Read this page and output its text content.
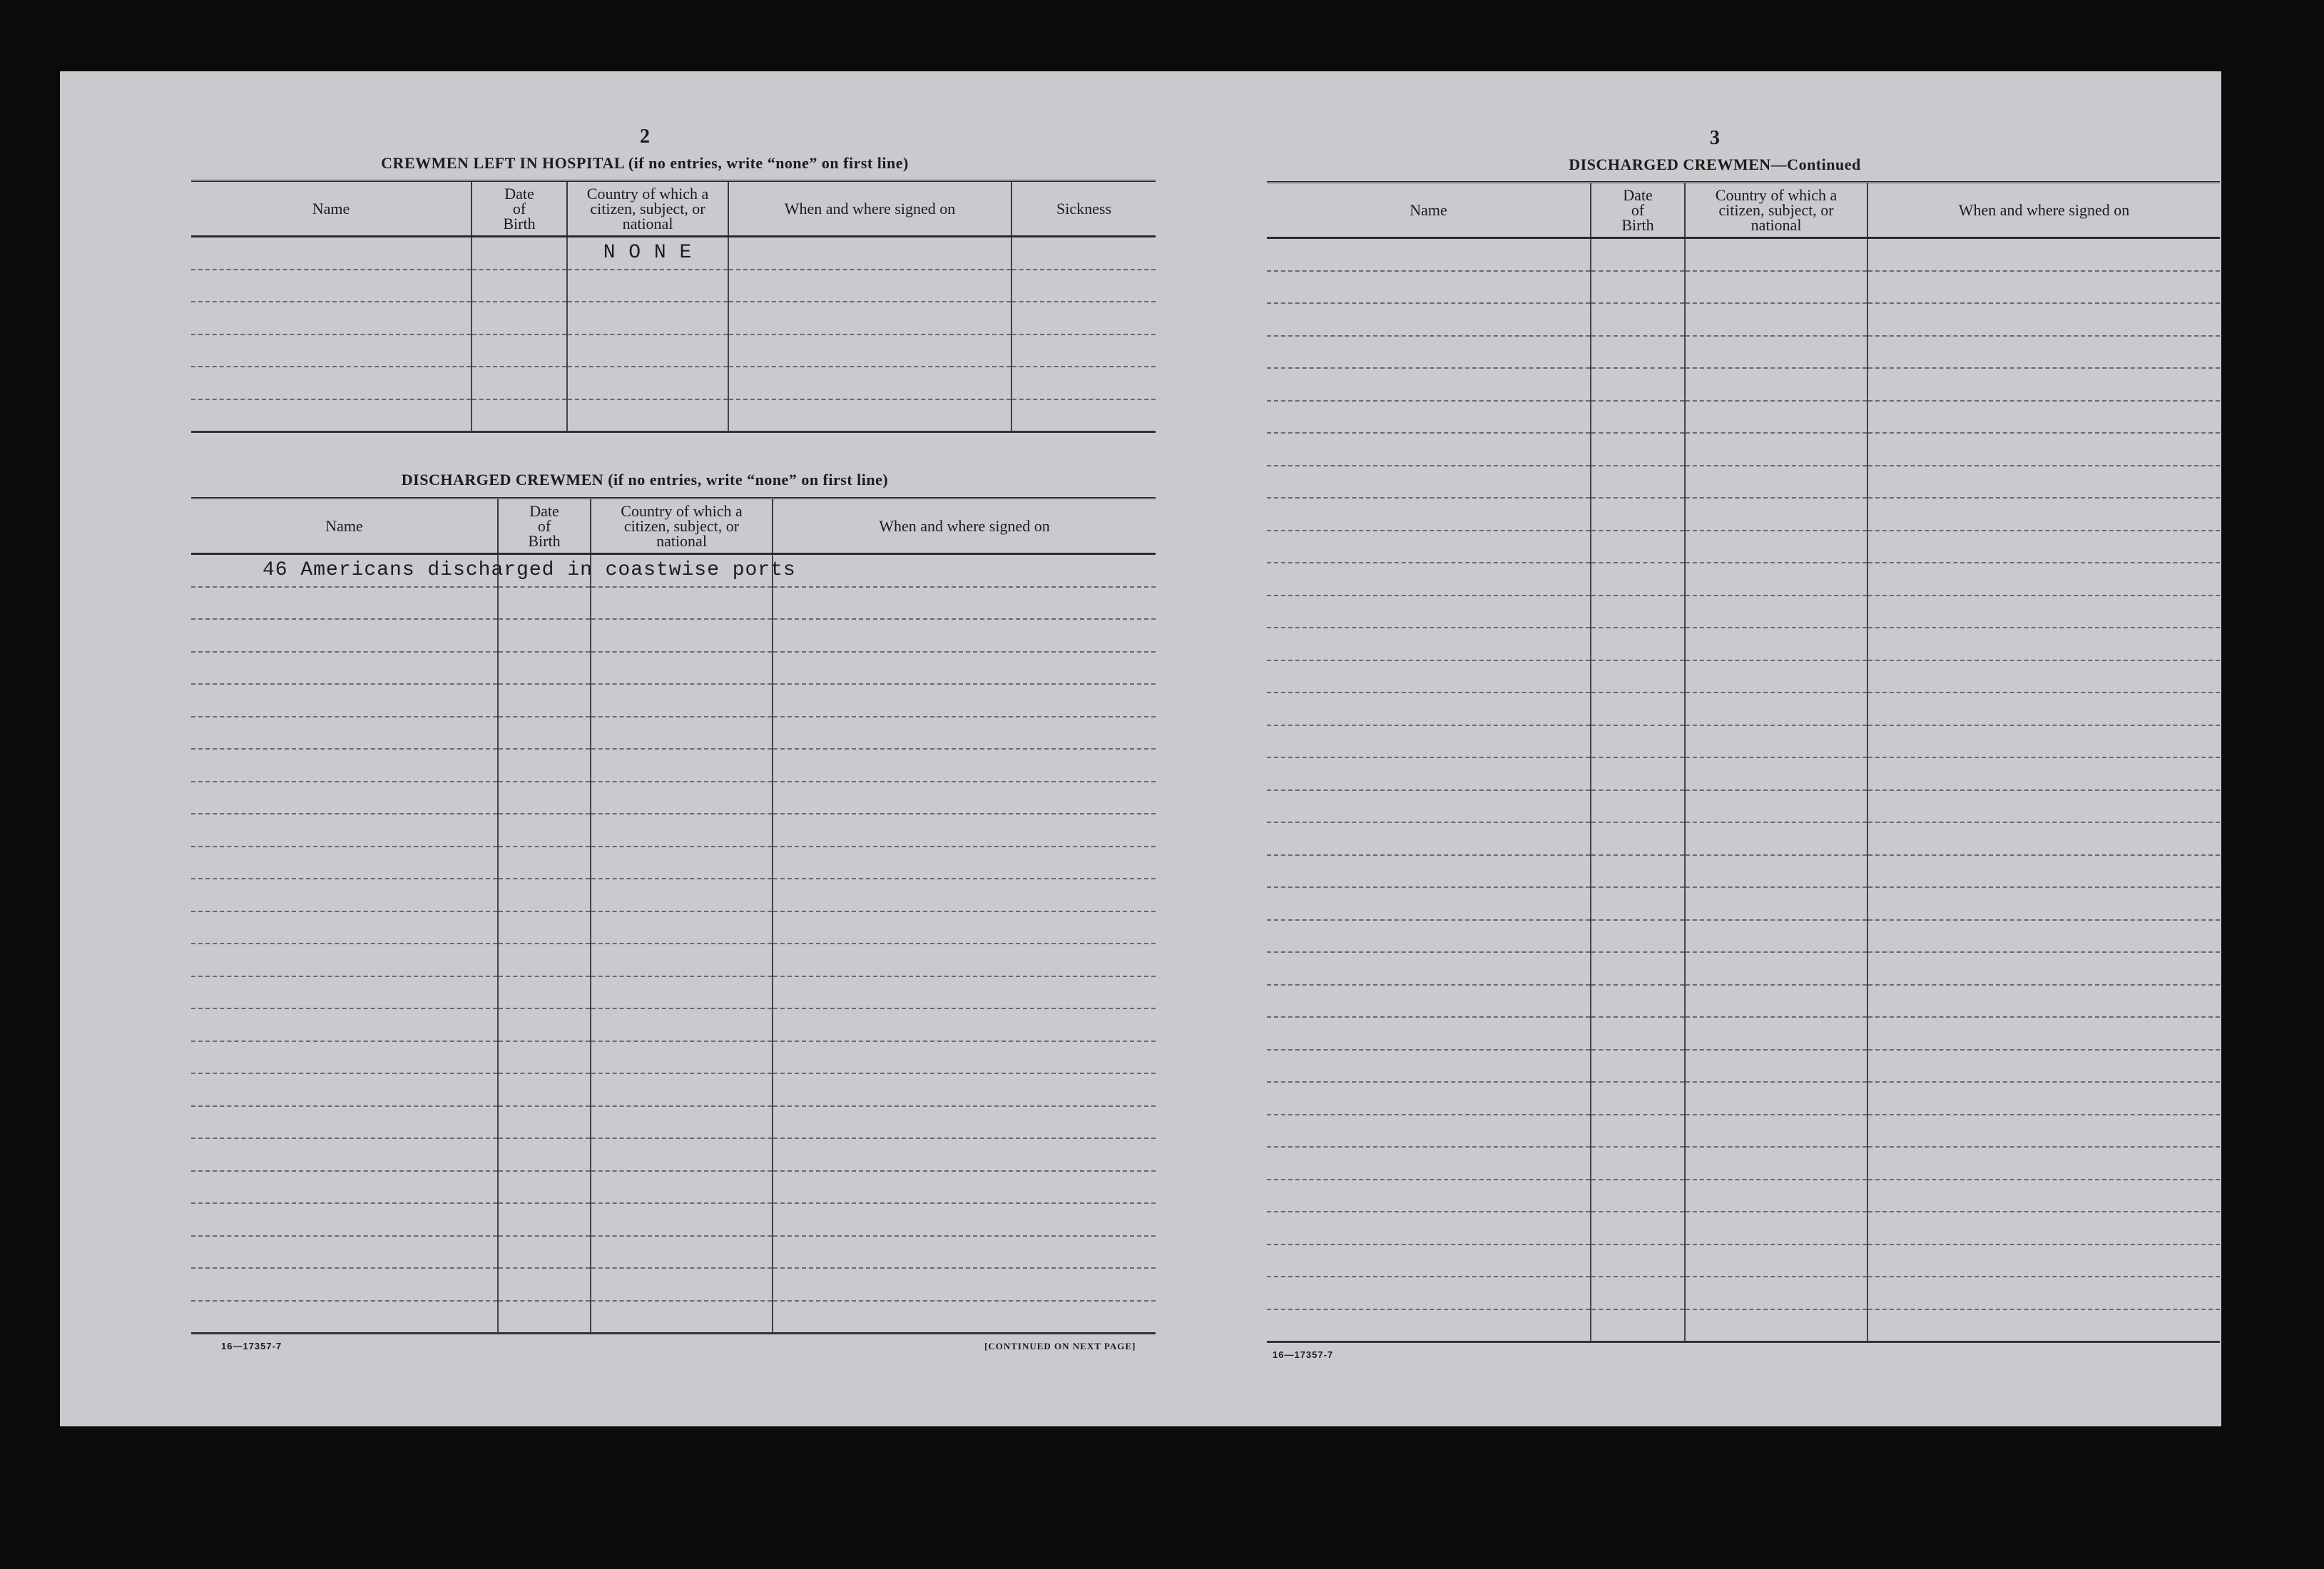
2
CREWMEN LEFT IN HOSPITAL (if no entries, write “none” on first line)
Name	Date
of
Birth	Country of which a
citizen, subject, or
national	When and where signed on	Sickness
		N O N E		

DISCHARGED CREWMEN (if no entries, write “none” on first line)
Name	Date
of
Birth	Country of which a
citizen, subject, or
national	When and where signed on
46 Americans discharged in coastwise ports			

16—17357-7	[CONTINUED ON NEXT PAGE]
3
DISCHARGED CREWMEN—Continued
Name	Date
of
Birth	Country of which a
citizen, subject, or
national	When and where signed on

16—17357-7
